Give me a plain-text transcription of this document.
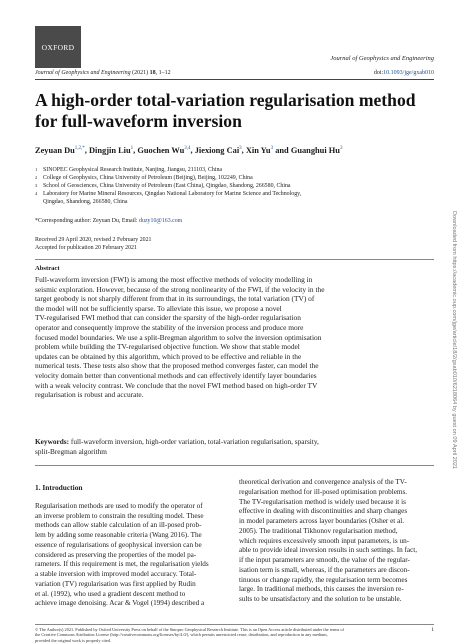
OXFORD
Journal of Geophysics and Engineering
Journal of Geophysics and Engineering (2021) 18, 1–12	doi:10.1093/jge/gxab010
A high-order total-variation regularisation method
for full-waveform inversion
Zeyuan $Du^{1,2,*}$, Dingjin Liu$^1$, Guochen Wu$^{3,4}$, Jiexiong Cai$^3$, Xin Yu$^3$ and Guanghui Hu$^3$
1 SINOPEC Geophysical Research Institute, Nanjing, Jiangsu, 211103, China
2 College of Geophysics, China University of Petroleum (Beijing), Beijing, 102249, China
3 School of Geosciences, China University of Petroleum (East China), Qingdao, Shandong, 266580, China
4 Laboratory for Marine Mineral Resources, Qingdao National Laboratory for Marine Science and Technology,
Qingdao, Shandong, 266580, China
*Corresponding author: Zeyuan Du, Email: duzy10@163.com
Received 29 April 2020, revised 2 February 2021
Accepted for publication 20 February 2021
Abstract
Full-waveform inversion (FWI) is among the most effective methods of velocity modelling in
seismic exploration. However, because of the strong nonlinearity of the FWI, if the velocity in the
target geobody is not sharply different from that in its surroundings, the total variation (TV) of
the model will not be sufficiently sparse. To alleviate this issue, we propose a novel
TV-regularised FWI method that can consider the sparsity of the high-order regularisation
operator and consequently improve the stability of the inversion process and produce more
focused model boundaries. We use a split-Bregman algorithm to solve the inversion optimisation
problem while building the TV-regularised objective function. We show that stable model
updates can be obtained by this algorithm, which proved to be effective and reliable in the
numerical tests. These tests also show that the proposed method converges faster, can model the
velocity domain better than conventional methods and can effectively identify layer boundaries
with a weak velocity contrast. We conclude that the novel FWI method based on high-order TV
regularisation is robust and accurate.
Keywords: full-waveform inversion, high-order variation, total-variation regularisation, sparsity,
split-Bregman algorithm
1. Introduction
Regularisation methods are used to modify the operator of
an inverse problem to constrain the resulting model. These
methods can allow stable calculation of an ill-posed prob-
lem by adding some reasonable criteria (Wang 2016). The
essence of regularisations of geophysical inversion can be
considered as preserving the properties of the model pa-
rameters. If this requirement is met, the regularisation yields
a stable inversion with improved model accuracy. Total-
variation (TV) regularisation was first applied by Rudin
et al. (1992), who used a gradient descent method to
achieve image denoising. Acar & Vogel (1994) described a
theoretical derivation and convergence analysis of the TV-
regularisation method for ill-posed optimisation problems.
The TV-regularisation method is widely used because it is
effective in dealing with discontinuities and sharp changes
in model parameters across layer boundaries (Osher et al.
2005). The traditional Tikhonov regularisation method,
which requires excessively smooth input parameters, is un-
able to provide ideal inversion results in such settings. In fact,
if the input parameters are smooth, the value of the regular-
isation term is small, whereas, if the parameters are discon-
tinuous or change rapidly, the regularisation term becomes
large. In traditional methods, this causes the inversion re-
sults to be unsatisfactory and the solution to be unstable.
© The Author(s) 2021. Published by Oxford University Press on behalf of the Sinopec Geophysical Research Institute. This is an Open Access article distributed under the terms of
the Creative Commons Attribution License (http://creativecommons.org/licenses/by/4.0/), which permits unrestricted reuse, distribution, and reproduction in any medium,
provided the original work is properly cited.
1
Downloaded from https://academic.oup.com/jge/article/18/2/gxab010/6218064 by guest on 09 April 2021
